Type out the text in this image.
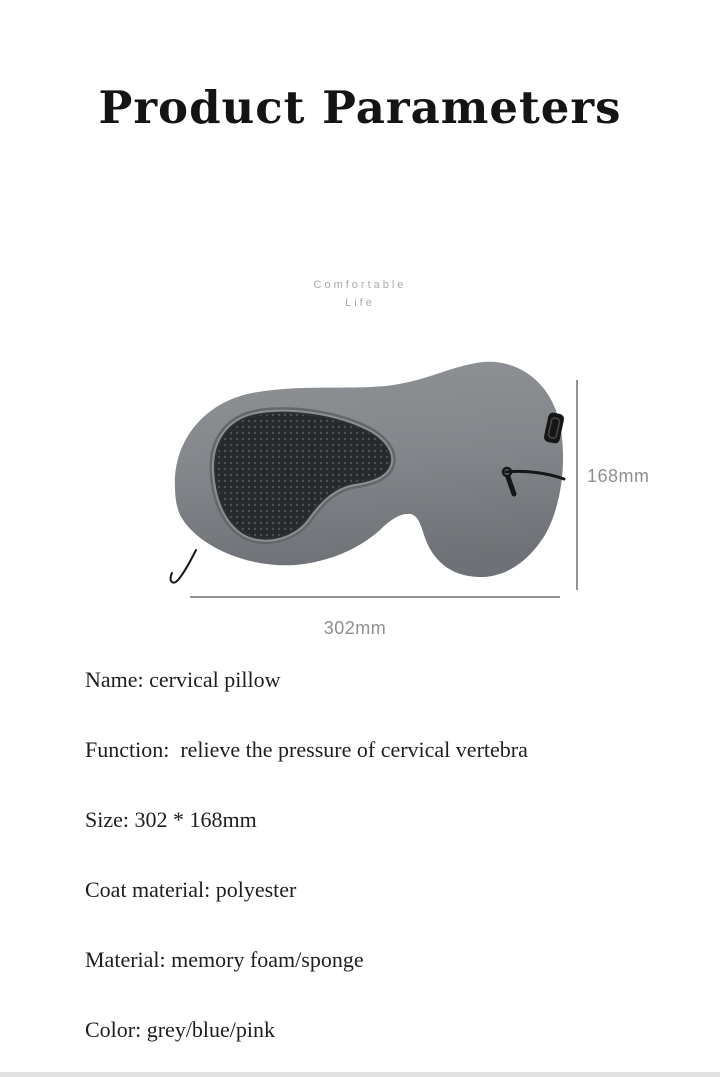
Product Parameters
Comfortable
Life
168mm
302mm
Name: cervical pillow
Function:  relieve the pressure of cervical vertebra
Size: 302 * 168mm
Coat material: polyester
Material: memory foam/sponge
Color: grey/blue/pink
